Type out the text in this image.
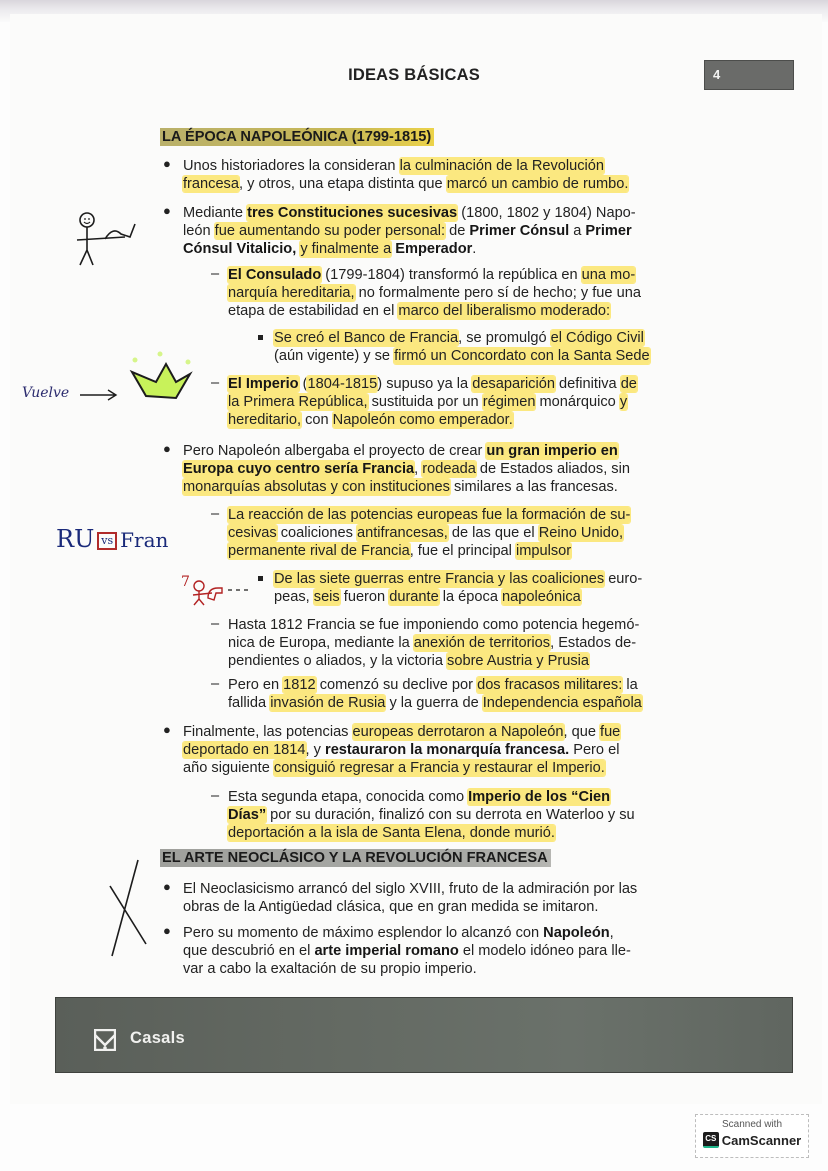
IDEAS BÁSICAS	4
LA ÉPOCA NAPOLEÓNICA (1799-1815)
● Unos historiadores la consideran la culminación de la Revolución

francesa, y otros, una etapa distinta que marcó un cambio de rumbo.

● Mediante tres Constituciones sucesivas (1800, 1802 y 1804) Napo-

león fue aumentando su poder personal: de Primer Cónsul a Primer

Cónsul Vitalicio, y finalmente a Emperador.

– El Consulado (1799-1804) transformó la república en una mo-

narquía hereditaria, no formalmente pero sí de hecho; y fue una

etapa de estabilidad en el marco del liberalismo moderado:

Se creó el Banco de Francia, se promulgó el Código Civil

(aún vigente) y se firmó un Concordato con la Santa Sede

– El Imperio (1804-1815) supuso ya la desaparición definitiva de

la Primera República, sustituida por un régimen monárquico y

hereditario, con Napoleón como emperador.

● Pero Napoleón albergaba el proyecto de crear un gran imperio en

Europa cuyo centro sería Francia, rodeada de Estados aliados, sin

monarquías absolutas y con instituciones similares a las francesas.

– La reacción de las potencias europeas fue la formación de su-

cesivas coaliciones antifrancesas, de las que el Reino Unido,

permanente rival de Francia, fue el principal impulsor

De las siete guerras entre Francia y las coaliciones euro-

peas, seis fueron durante la época napoleónica

– Hasta 1812 Francia se fue imponiendo como potencia hegemó-

nica de Europa, mediante la anexión de territorios, Estados de-

pendientes o aliados, y la victoria sobre Austria y Prusia

– Pero en 1812 comenzó su declive por dos fracasos militares: la

fallida invasión de Rusia y la guerra de Independencia española

● Finalmente, las potencias europeas derrotaron a Napoleón, que fue

deportado en 1814, y restauraron la monarquía francesa. Pero el

año siguiente consiguió regresar a Francia y restaurar el Imperio.

– Esta segunda etapa, conocida como Imperio de los “Cien

Días” por su duración, finalizó con su derrota en Waterloo y su

deportación a la isla de Santa Elena, donde murió.

EL ARTE NEOCLÁSICO Y LA REVOLUCIÓN FRANCESA
● El Neoclasicismo arrancó del siglo XVIII, fruto de la admiración por las

obras de la Antigüedad clásica, que en gran medida se imitaron.

● Pero su momento de máximo esplendor lo alcanzó con Napoleón,

que descubrió en el arte imperial romano el modelo idóneo para lle-

var a cabo la exaltación de su propio imperio.

Vuelve
RU vs Fran
7
Casals
Scanned with
CS CamScanner
